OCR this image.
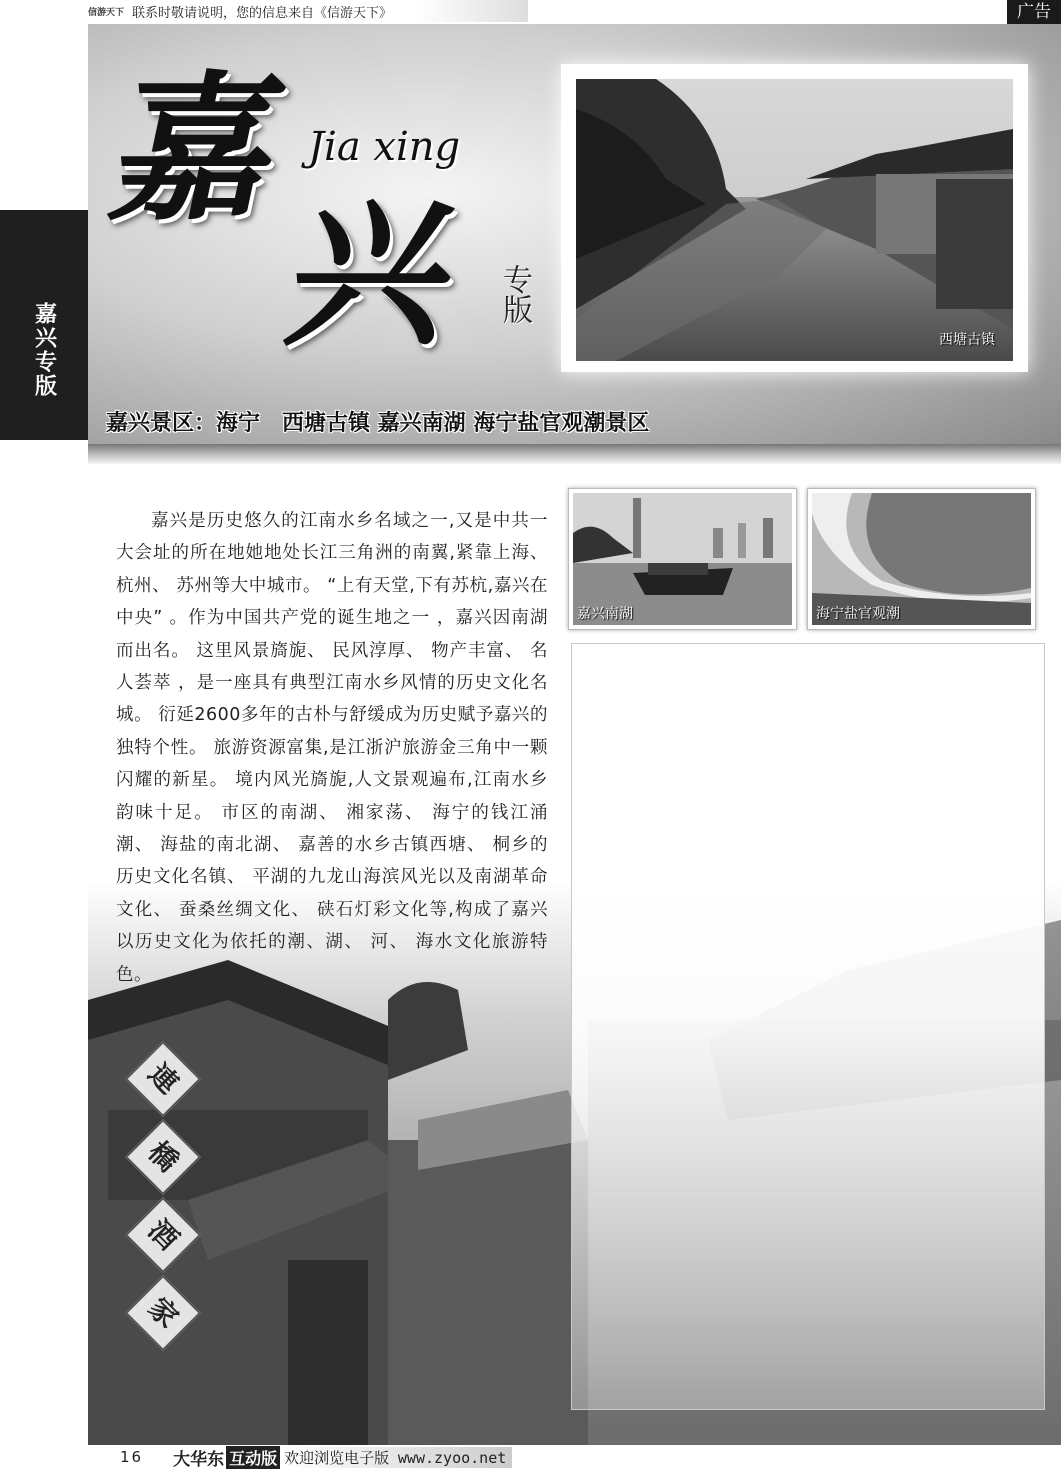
信游天下 联系时敬请说明，您的信息来自《信游天下》	广告
嘉兴专版
嘉 Jia xing
兴 专版
西塘古镇
嘉兴景区：海宁　西塘古镇 嘉兴南湖 海宁盐官观潮景区
連
橋
酒
家
嘉兴是历史悠久的江南水乡名域之一,又是中共一大会址的所在地她地处长江三角洲的南翼,紧靠上海、 杭州、 苏州等大中城市。 “上有天堂,下有苏杭,嘉兴在中央” 。作为中国共产党的诞生地之一 ，嘉兴因南湖而出名。 这里风景旖旎、 民风淳厚、 物产丰富、 名人荟萃 ，是一座具有典型江南水乡风情的历史文化名城。 衍延2600多年的古朴与舒缓成为历史赋予嘉兴的独特个性。 旅游资源富集,是江浙沪旅游金三角中一颗闪耀的新星。 境内风光旖旎,人文景观遍布,江南水乡韵味十足。 市区的南湖、 湘家荡、 海宁的钱江涌潮、 海盐的南北湖、 嘉善的水乡古镇西塘、 桐乡的历史文化名镇、 平湖的九龙山海滨风光以及南湖革命文化、 蚕桑丝绸文化、 硖石灯彩文化等,构成了嘉兴以历史文化为依托的潮、湖、 河、 海水文化旅游特色。
嘉兴南湖	海宁盐官观潮
16 大华东 互动版 欢迎浏览电子版 www.zyoo.net
